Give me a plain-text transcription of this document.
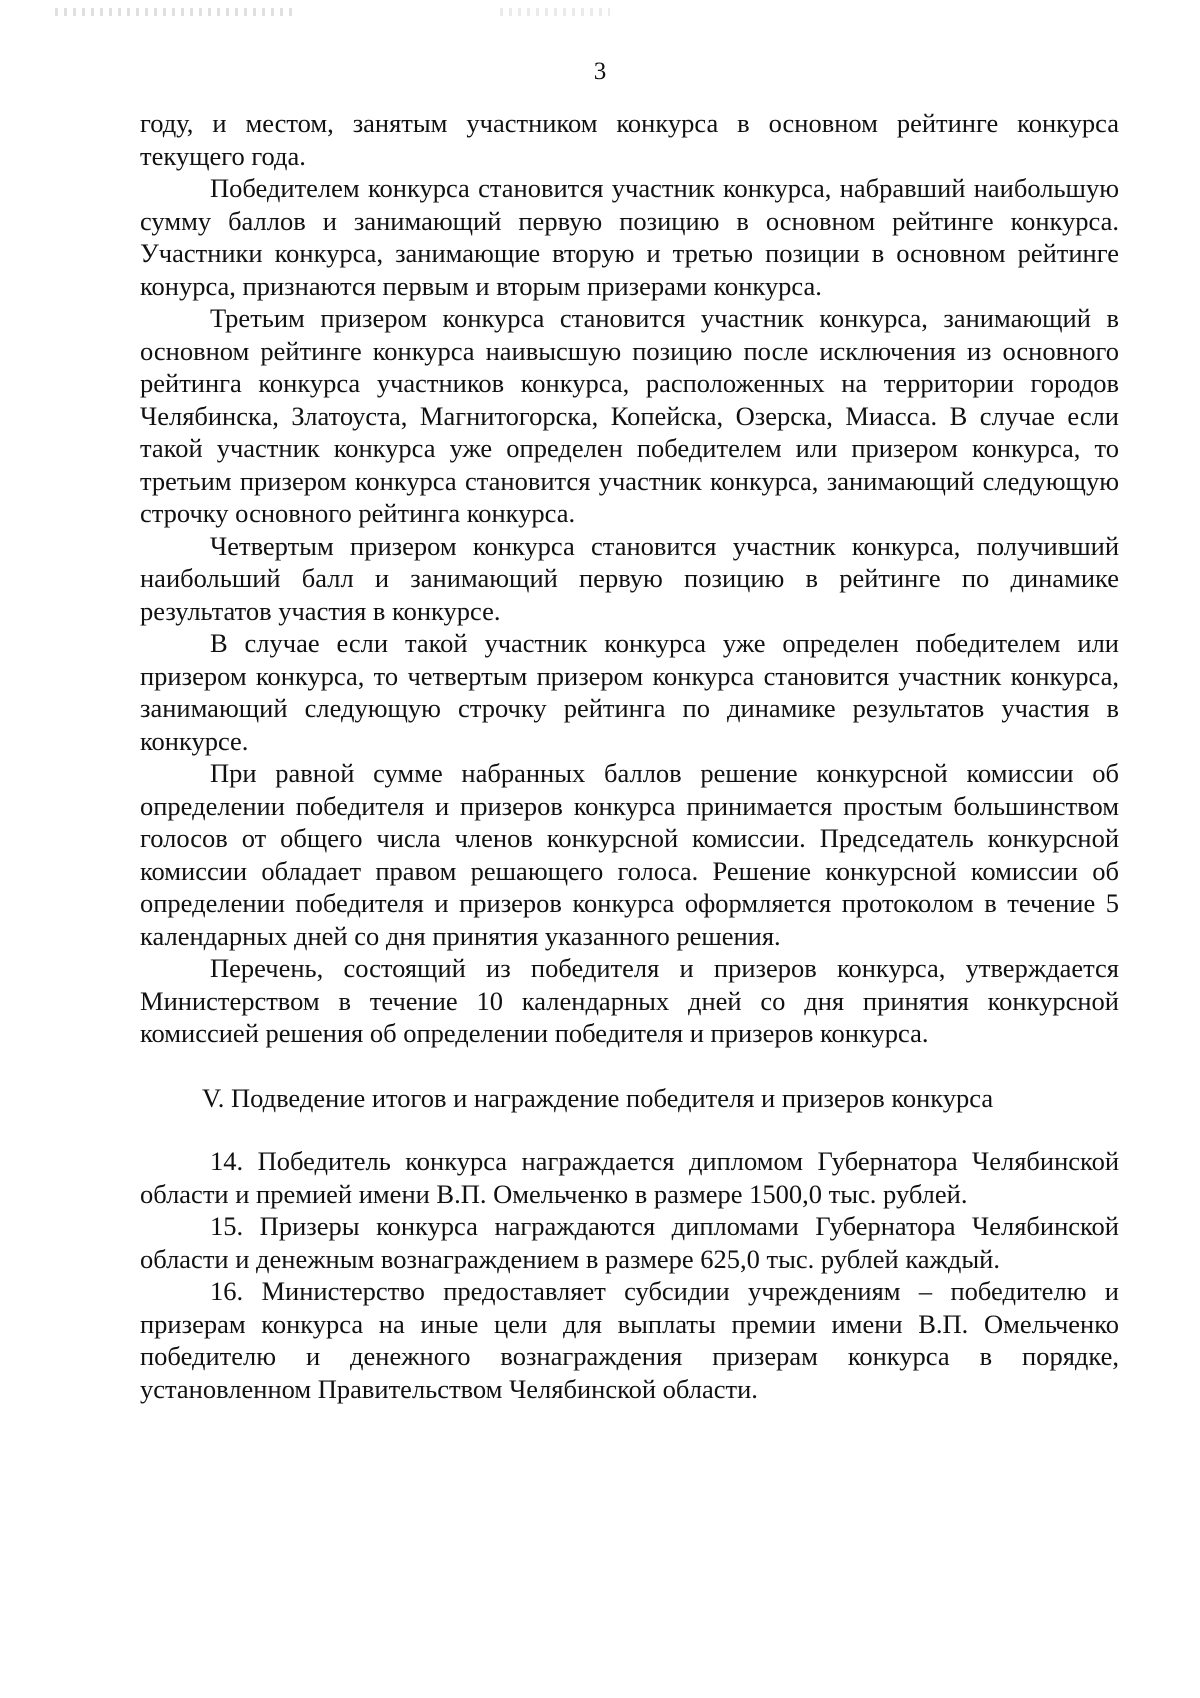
3

году, и местом, занятым участником конкурса в основном рейтинге конкурса текущего года.

Победителем конкурса становится участник конкурса, набравший наибольшую сумму баллов и занимающий первую позицию в основном рейтинге конкурса. Участники конкурса, занимающие вторую и третью позиции в основном рейтинге конуpса, признаются первым и вторым призерами конкурса.

Третьим призером конкурса становится участник конкурса, занимающий в основном рейтинге конкурса наивысшую позицию после исключения из основного рейтинга конкурса участников конкурса, расположенных на территории городов Челябинска, Златоуста, Магнитогорска, Копейска, Озерска, Миасса. В случае если такой участник конкурса уже определен победителем или призером конкурса, то третьим призером конкурса становится участник конкурса, занимающий следующую строчку основного рейтинга конкурса.

Четвертым призером конкурса становится участник конкурса, получивший наибольший балл и занимающий первую позицию в рейтинге по динамике результатов участия в конкурсе.

В случае если такой участник конкурса уже определен победителем или призером конкурса, то четвертым призером конкурса становится участник конкурса, занимающий следующую строчку рейтинга по динамике результатов участия в конкурсе.

При равной сумме набранных баллов решение конкурсной комиссии об определении победителя и призеров конкурса принимается простым большинством голосов от общего числа членов конкурсной комиссии. Председатель конкурсной комиссии обладает правом решающего голоса. Решение конкурсной комиссии об определении победителя и призеров конкурса оформляется протоколом в течение 5 календарных дней со дня принятия указанного решения.

Перечень, состоящий из победителя и призеров конкурса, утверждается Министерством в течение 10 календарных дней со дня принятия конкурсной комиссией решения об определении победителя и призеров конкурса.

V. Подведение итогов и награждение победителя и призеров конкурса

14. Победитель конкурса награждается дипломом Губернатора Челябинской области и премией имени В.П. Омельченко в размере 1500,0 тыс. рублей.

15. Призеры конкурса награждаются дипломами Губернатора Челябинской области и денежным вознаграждением в размере 625,0 тыс. рублей каждый.

16. Министерство предоставляет субсидии учреждениям – победителю и призерам конкурса на иные цели для выплаты премии имени В.П. Омельченко победителю и денежного вознаграждения призерам конкурса в порядке, установленном Правительством Челябинской области.
